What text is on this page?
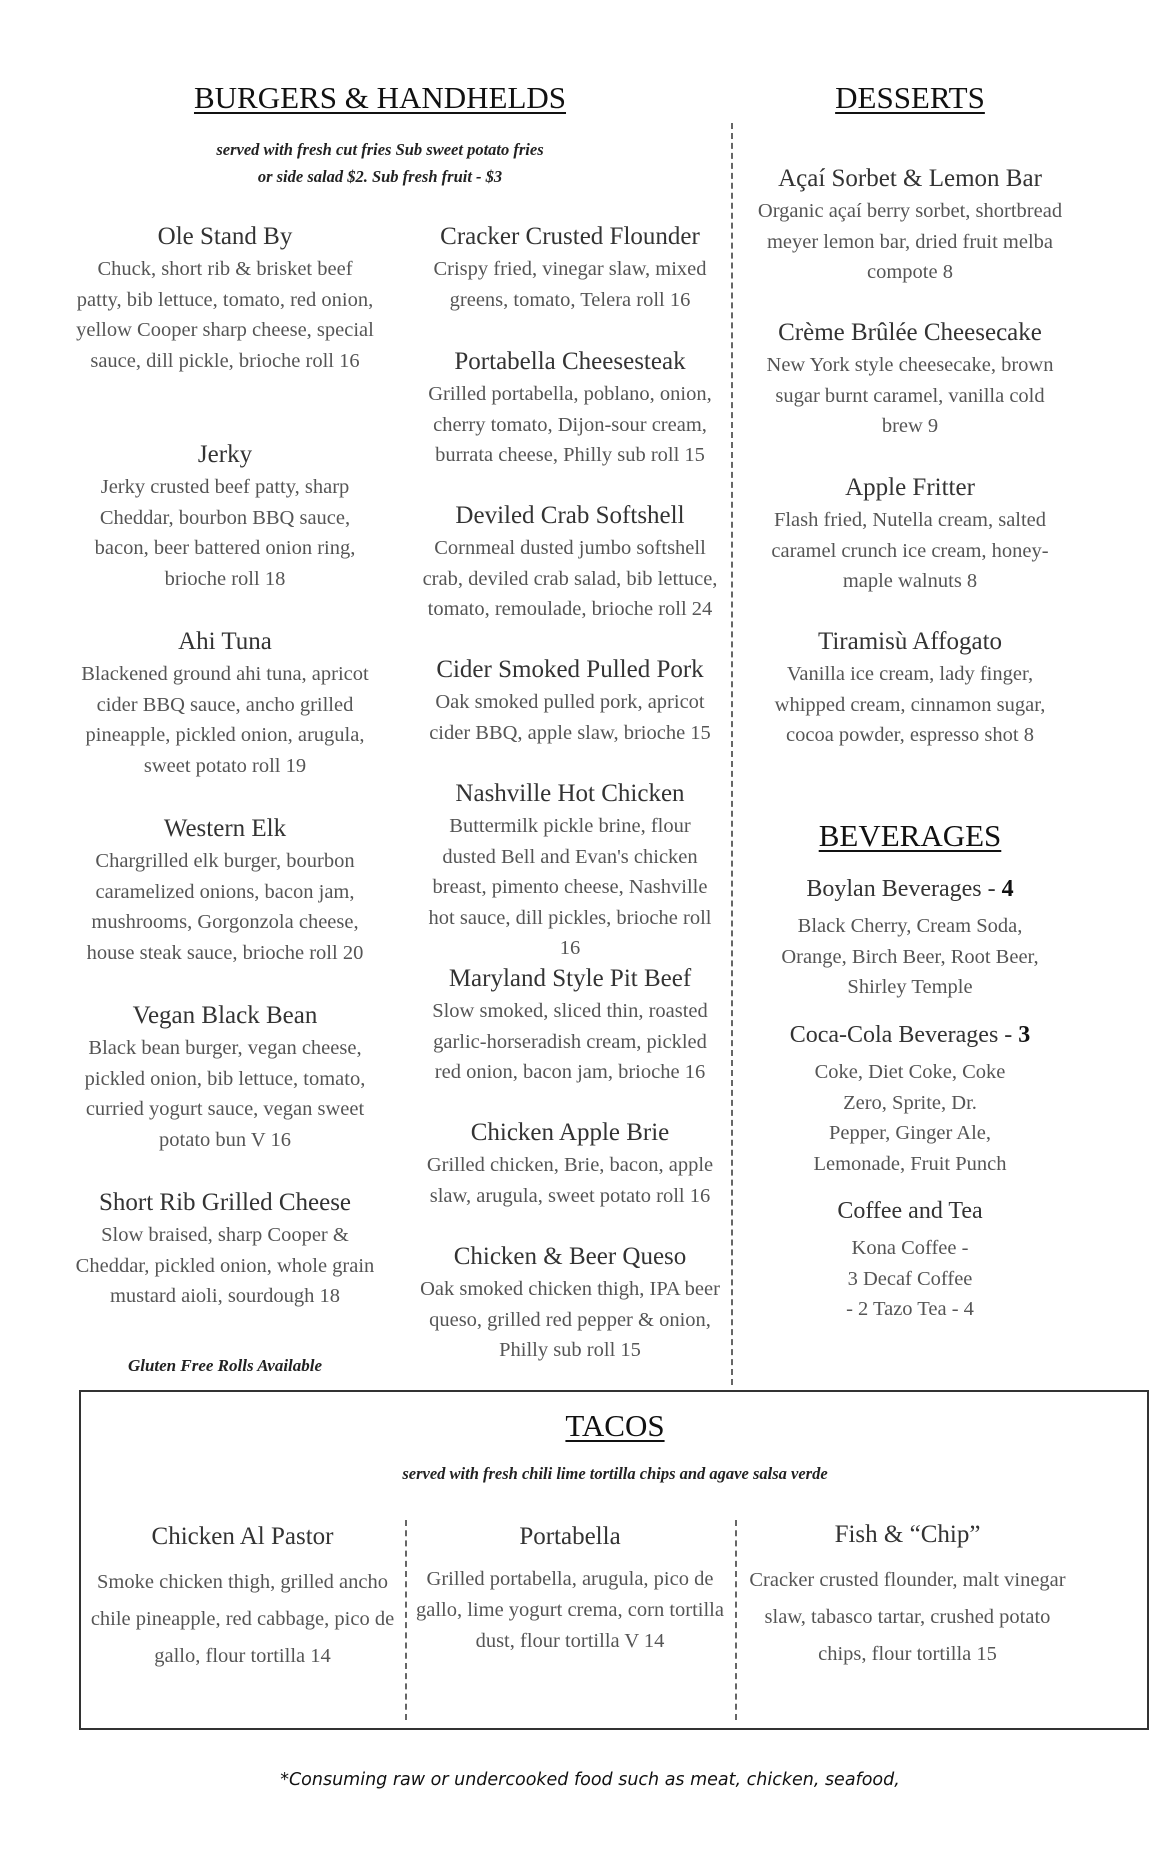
BURGERS & HANDHELDS
served with fresh cut fries Sub sweet potato fries
or side salad $2. Sub fresh fruit - $3
Ole Stand By
Chuck, short rib & brisket beef patty, bib lettuce, tomato, red onion, yellow Cooper sharp cheese, special sauce, dill pickle, brioche roll 16
Jerky
Jerky crusted beef patty, sharp Cheddar, bourbon BBQ sauce, bacon, beer battered onion ring, brioche roll 18
Ahi Tuna
Blackened ground ahi tuna, apricot cider BBQ sauce, ancho grilled pineapple, pickled onion, arugula, sweet potato roll 19
Western Elk
Chargrilled elk burger, bourbon caramelized onions, bacon jam, mushrooms, Gorgonzola cheese, house steak sauce, brioche roll 20
Vegan Black Bean
Black bean burger, vegan cheese, pickled onion, bib lettuce, tomato, curried yogurt sauce, vegan sweet potato bun V 16
Short Rib Grilled Cheese
Slow braised, sharp Cooper & Cheddar, pickled onion, whole grain mustard aioli, sourdough 18
Gluten Free Rolls Available
Cracker Crusted Flounder
Crispy fried, vinegar slaw, mixed greens, tomato, Telera roll 16
Portabella Cheesesteak
Grilled portabella, poblano, onion, cherry tomato, Dijon-sour cream, burrata cheese, Philly sub roll 15
Deviled Crab Softshell
Cornmeal dusted jumbo softshell crab, deviled crab salad, bib lettuce, tomato, remoulade, brioche roll 24
Cider Smoked Pulled Pork
Oak smoked pulled pork, apricot cider BBQ, apple slaw, brioche 15
Nashville Hot Chicken
Buttermilk pickle brine, flour dusted Bell and Evan's chicken breast, pimento cheese, Nashville hot sauce, dill pickles, brioche roll 16
Maryland Style Pit Beef
Slow smoked, sliced thin, roasted garlic-horseradish cream, pickled red onion, bacon jam, brioche 16
Chicken Apple Brie
Grilled chicken, Brie, bacon, apple slaw, arugula, sweet potato roll 16
Chicken & Beer Queso
Oak smoked chicken thigh, IPA beer queso, grilled red pepper & onion, Philly sub roll 15
DESSERTS
Açaí Sorbet & Lemon Bar
Organic açaí berry sorbet, shortbread meyer lemon bar, dried fruit melba compote 8
Crème Brûlée Cheesecake
New York style cheesecake, brown sugar burnt caramel, vanilla cold brew 9
Apple Fritter
Flash fried, Nutella cream, salted caramel crunch ice cream, honey-maple walnuts 8
Tiramisù Affogato
Vanilla ice cream, lady finger, whipped cream, cinnamon sugar, cocoa powder, espresso shot 8
BEVERAGES
Boylan Beverages - 4
Black Cherry, Cream Soda, Orange, Birch Beer, Root Beer, Shirley Temple
Coca-Cola Beverages - 3
Coke, Diet Coke, Coke Zero, Sprite, Dr. Pepper, Ginger Ale, Lemonade, Fruit Punch
Coffee and Tea
Kona Coffee - 3 Decaf Coffee - 2 Tazo Tea - 4
TACOS
served with fresh chili lime tortilla chips and agave salsa verde
Chicken Al Pastor
Smoke chicken thigh, grilled ancho chile pineapple, red cabbage, pico de gallo, flour tortilla 14
Portabella
Grilled portabella, arugula, pico de gallo, lime yogurt crema, corn tortilla dust, flour tortilla V 14
Fish & “Chip”
Cracker crusted flounder, malt vinegar slaw, tabasco tartar, crushed potato chips, flour tortilla 15
*Consuming raw or undercooked food such as meat, chicken, seafood,
